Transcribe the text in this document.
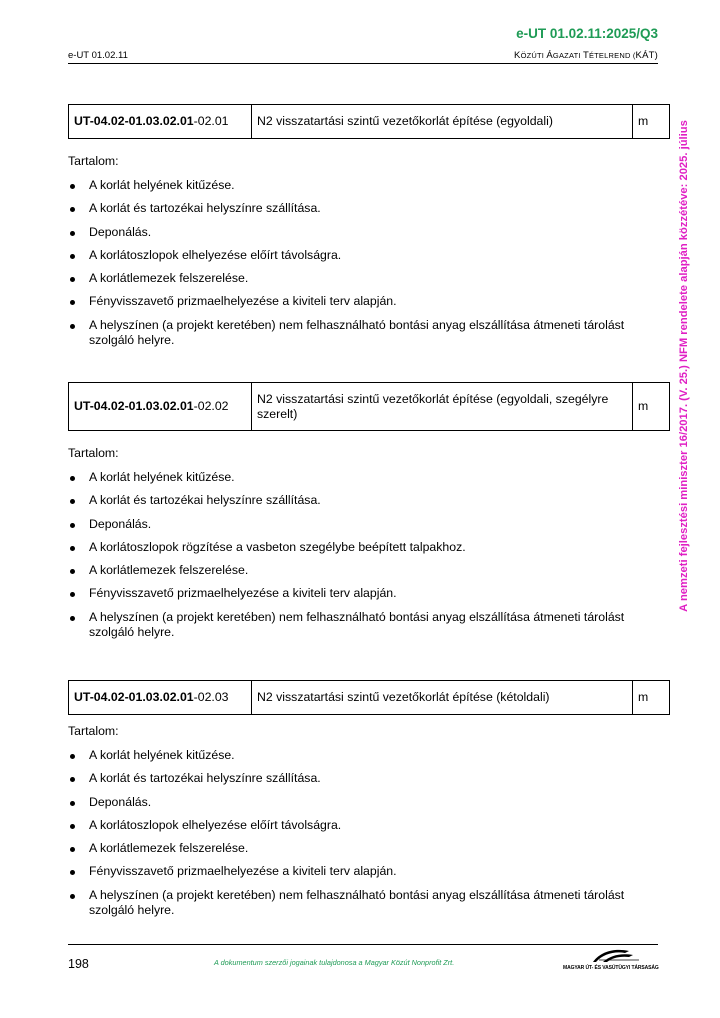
e-UT 01.02.11:2025/Q3
e-UT 01.02.11	KÖZÚTI ÁGAZATI TÉTELREND (KÁT)
A nemzeti fejlesztési miniszter 16/2017. (V. 25.) NFM rendelete alapján közzétéve: 2025. július
UT-04.02-01.03.02.01-02.01	N2 visszatartási szintű vezetőkorlát építése (egyoldali)	m
Tartalom:
A korlát helyének kitűzése.
A korlát és tartozékai helyszínre szállítása.
Deponálás.
A korlátoszlopok elhelyezése előírt távolságra.
A korlátlemezek felszerelése.
Fényvisszavető prizmaelhelyezése a kiviteli terv alapján.
A helyszínen (a projekt keretében) nem felhasználható bontási anyag elszállítása átmeneti tárolást szolgáló helyre.
UT-04.02-01.03.02.01-02.02	N2 visszatartási szintű vezetőkorlát építése (egyoldali, szegélyre szerelt)	m
Tartalom:
A korlát helyének kitűzése.
A korlát és tartozékai helyszínre szállítása.
Deponálás.
A korlátoszlopok rögzítése a vasbeton szegélybe beépített talpakhoz.
A korlátlemezek felszerelése.
Fényvisszavető prizmaelhelyezése a kiviteli terv alapján.
A helyszínen (a projekt keretében) nem felhasználható bontási anyag elszállítása átmeneti tárolást szolgáló helyre.
UT-04.02-01.03.02.01-02.03	N2 visszatartási szintű vezetőkorlát építése (kétoldali)	m
Tartalom:
A korlát helyének kitűzése.
A korlát és tartozékai helyszínre szállítása.
Deponálás.
A korlátoszlopok elhelyezése előírt távolságra.
A korlátlemezek felszerelése.
Fényvisszavető prizmaelhelyezése a kiviteli terv alapján.
A helyszínen (a projekt keretében) nem felhasználható bontási anyag elszállítása átmeneti tárolást szolgáló helyre.
198	A dokumentum szerzői jogainak tulajdonosa a Magyar Közút Nonprofit Zrt.
MAGYAR ÚT- ÉS VASÚTÜGYI TÁRSASÁG
